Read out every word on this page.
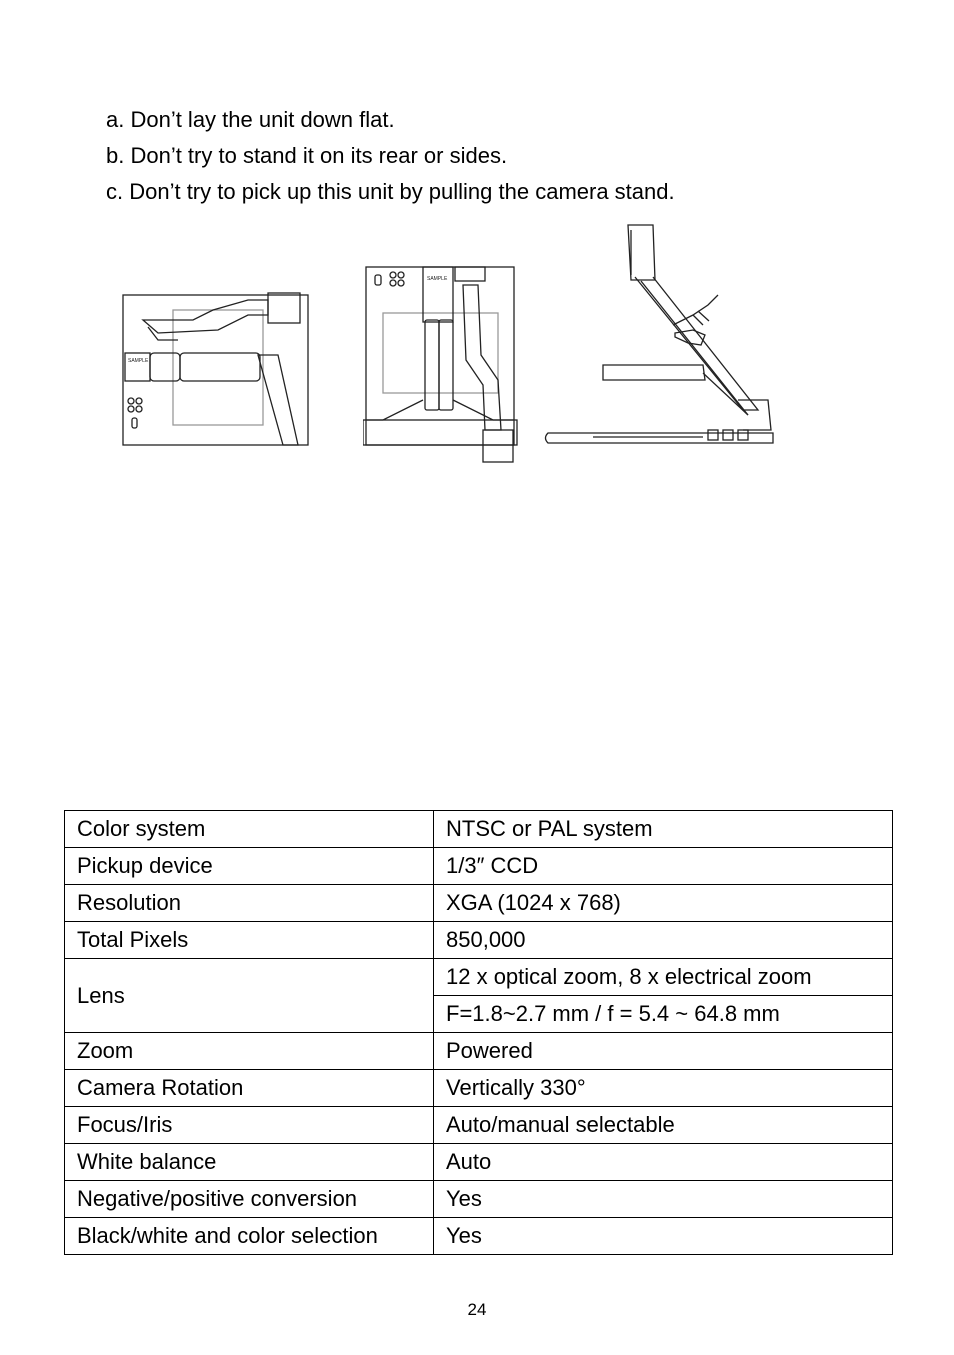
a. Don’t lay the unit down flat.
b. Don’t try to stand it on its rear or sides.
c. Don’t try to pick up this unit by pulling the camera stand.
SAMPLE
SAMPLE
Color system	NTSC or PAL system
Pickup device	1/3″ CCD
Resolution	XGA (1024 x 768)
Total Pixels	850,000
Lens	12 x optical zoom, 8 x electrical zoom
	F=1.8~2.7 mm / f = 5.4 ~ 64.8 mm
Zoom	Powered
Camera Rotation	Vertically 330°
Focus/Iris	Auto/manual selectable
White balance	Auto
Negative/positive conversion	Yes
Black/white and color selection	Yes
24
